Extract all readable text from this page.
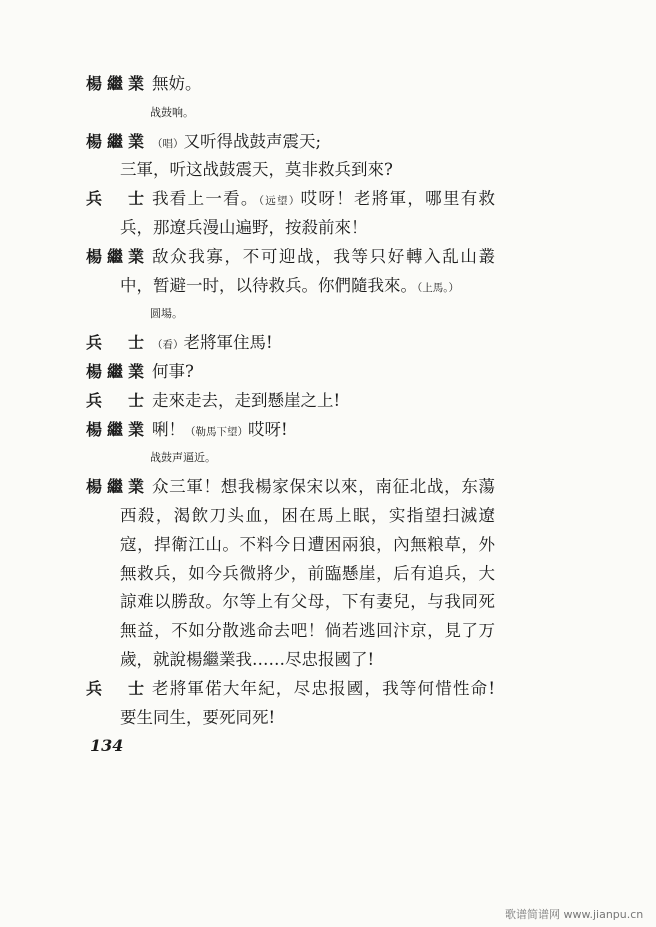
楊繼業 無妨。
战鼓响。
楊繼業 （唱）又听得战鼓声震天;
三軍，听这战鼓震天，莫非救兵到來?
兵士 我看上一看。（远望）哎呀！老將軍，哪里有救
兵，那遼兵漫山遍野，按殺前來！
楊繼業 敌众我寡，不可迎战，我等只好轉入乱山叢
中，暂避一时，以待救兵。你們隨我來。（上馬。）
圆場。
兵士 （看）老將軍住馬!
楊繼業 何事?
兵士 走來走去，走到懸崖之上!
楊繼業 唎！（勒馬下望）哎呀!
战鼓声逼近。
楊繼業 众三軍！想我楊家保宋以來，南征北战，东蕩
西殺，渴飲刀头血，困在馬上眠，实指望扫滅遼
寇，捍衛江山。不料今日遭困兩狼，內無粮草，外
無救兵，如今兵微將少，前臨懸崖，后有追兵，大
諒难以勝敌。尔等上有父母，下有妻兒，与我同死
無益，不如分散逃命去吧！倘若逃回汴京，見了万
歲，就說楊繼業我……尽忠报國了!
兵士 老將軍偌大年紀，尽忠报國，我等何惜性命!
要生同生，要死同死!
134
歌谱简谱网 www.jianpu.cn
